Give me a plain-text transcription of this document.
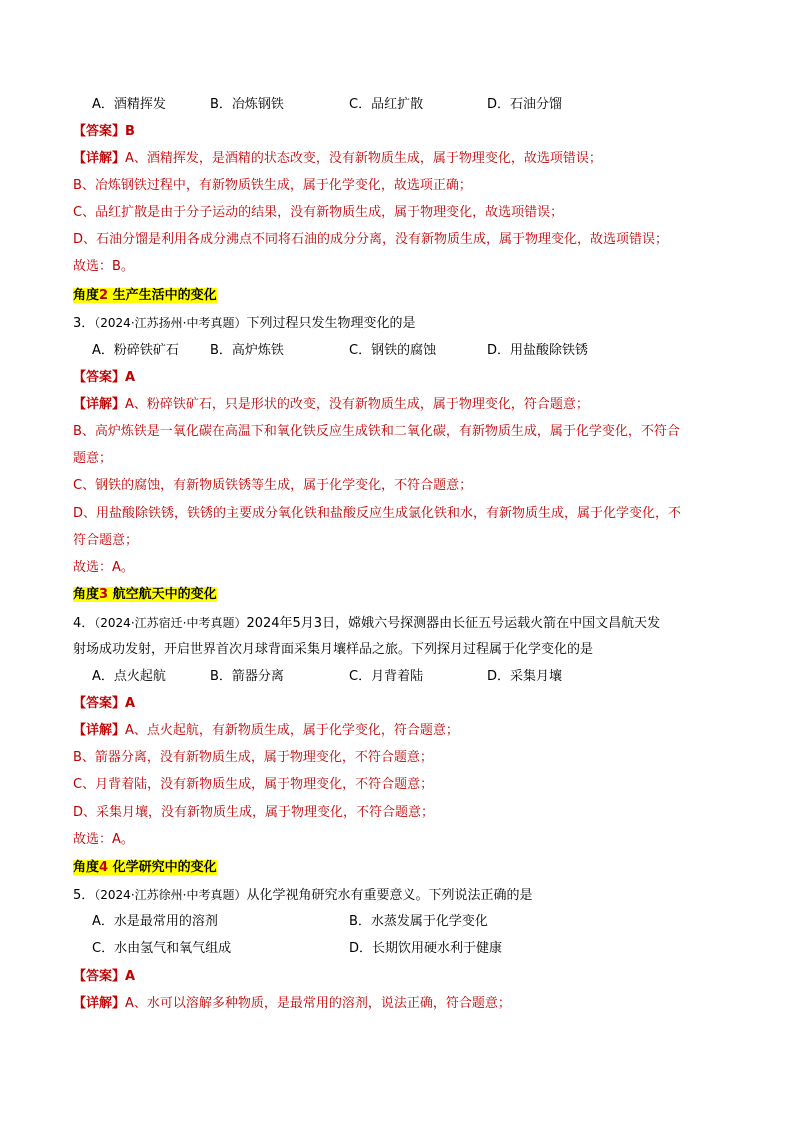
A．酒精挥发	B．冶炼钢铁	C．品红扩散	D．石油分馏
【答案】B
【详解】A、酒精挥发，是酒精的状态改变，没有新物质生成，属于物理变化，故选项错误；
B、冶炼钢铁过程中，有新物质铁生成，属于化学变化，故选项正确；
C、品红扩散是由于分子运动的结果，没有新物质生成，属于物理变化，故选项错误；
D、石油分馏是利用各成分沸点不同将石油的成分分离，没有新物质生成，属于物理变化，故选项错误；
故选：B。
角度2 生产生活中的变化
3．（2024·江苏扬州·中考真题）下列过程只发生物理变化的是
A．粉碎铁矿石 B．高炉炼铁	C．钢铁的腐蚀	D．用盐酸除铁锈
【答案】A
【详解】A、粉碎铁矿石，只是形状的改变，没有新物质生成，属于物理变化，符合题意；
B、高炉炼铁是一氧化碳在高温下和氧化铁反应生成铁和二氧化碳，有新物质生成，属于化学变化，不符合
题意；
C、钢铁的腐蚀，有新物质铁锈等生成，属于化学变化，不符合题意；
D、用盐酸除铁锈，铁锈的主要成分氧化铁和盐酸反应生成氯化铁和水，有新物质生成，属于化学变化，不
符合题意；
故选：A。
角度3 航空航天中的变化
4．（2024·江苏宿迁·中考真题）2024年5月3日，嫦娥六号探测器由长征五号运载火箭在中国文昌航天发
射场成功发射，开启世界首次月球背面采集月壤样品之旅。下列探月过程属于化学变化的是
A．点火起航	B．箭器分离	C．月背着陆	D．采集月壤
【答案】A
【详解】A、点火起航，有新物质生成，属于化学变化，符合题意；
B、箭器分离，没有新物质生成，属于物理变化，不符合题意；
C、月背着陆，没有新物质生成，属于物理变化，不符合题意；
D、采集月壤，没有新物质生成，属于物理变化，不符合题意；
故选：A。
角度4 化学研究中的变化
5．（2024·江苏徐州·中考真题）从化学视角研究水有重要意义。下列说法正确的是
A．水是最常用的溶剂	B．水蒸发属于化学变化
C．水由氢气和氧气组成	D．长期饮用硬水利于健康
【答案】A
【详解】A、水可以溶解多种物质，是最常用的溶剂，说法正确，符合题意；
